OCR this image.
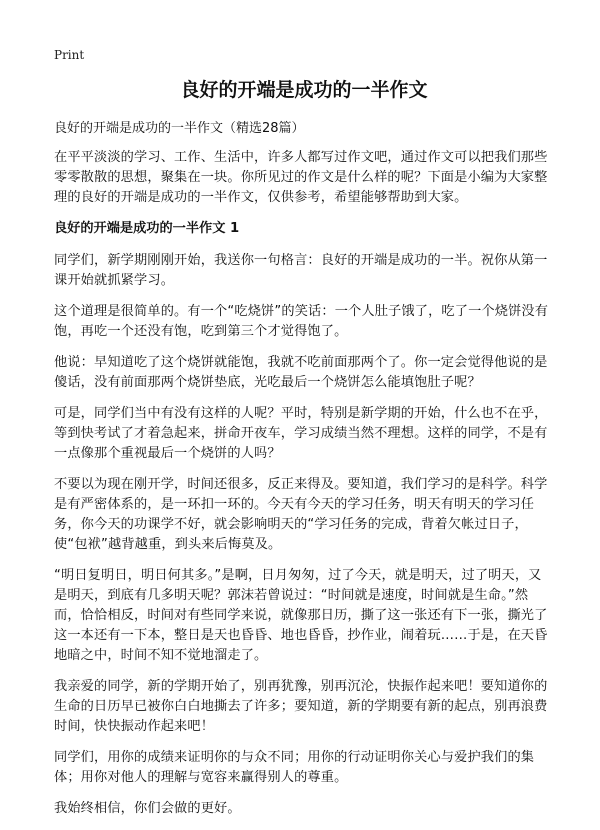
Print
良好的开端是成功的一半作文
良好的开端是成功的一半作文（精选28篇）

在平平淡淡的学习、工作、生活中，许多人都写过作文吧，通过作文可以把我们那些零零散散的思想，聚集在一块。你所见过的作文是什么样的呢？下面是小编为大家整理的良好的开端是成功的一半作文，仅供参考，希望能够帮助到大家。

良好的开端是成功的一半作文 1

同学们，新学期刚刚开始，我送你一句格言：良好的开端是成功的一半。祝你从第一课开始就抓紧学习。

这个道理是很简单的。有一个“吃烧饼”的笑话：一个人肚子饿了，吃了一个烧饼没有饱，再吃一个还没有饱，吃到第三个才觉得饱了。

他说：早知道吃了这个烧饼就能饱，我就不吃前面那两个了。你一定会觉得他说的是傻话，没有前面那两个烧饼垫底，光吃最后一个烧饼怎么能填饱肚子呢？

可是，同学们当中有没有这样的人呢？平时，特别是新学期的开始，什么也不在乎，等到快考试了才着急起来，拼命开夜车，学习成绩当然不理想。这样的同学，不是有一点像那个重视最后一个烧饼的人吗？

不要以为现在刚开学，时间还很多，反正来得及。要知道，我们学习的是科学。科学是有严密体系的，是一环扣一环的。今天有今天的学习任务，明天有明天的学习任务，你今天的功课学不好，就会影响明天的“学习任务的完成，背着欠帐过日子，使“包袱”越背越重，到头来后悔莫及。

“明日复明日，明日何其多。”是啊，日月匆匆，过了今天，就是明天，过了明天，又是明天，到底有几多明天呢？郭沫若曾说过：“时间就是速度，时间就是生命。”然而，恰恰相反，时间对有些同学来说，就像那日历，撕了这一张还有下一张，撕光了这一本还有一下本，整日是天也昏昏、地也昏昏，抄作业，闹着玩……于是，在天昏地暗之中，时间不知不觉地溜走了。

我亲爱的同学，新的学期开始了，别再犹豫，别再沉沦，快振作起来吧！要知道你的生命的日历早已被你白白地撕去了许多；要知道，新的学期要有新的起点，别再浪费时间，快快振动作起来吧！

同学们，用你的成绩来证明你的与众不同；用你的行动证明你关心与爱护我们的集体；用你对他人的理解与宽容来赢得别人的尊重。

我始终相信，你们会做的更好。
